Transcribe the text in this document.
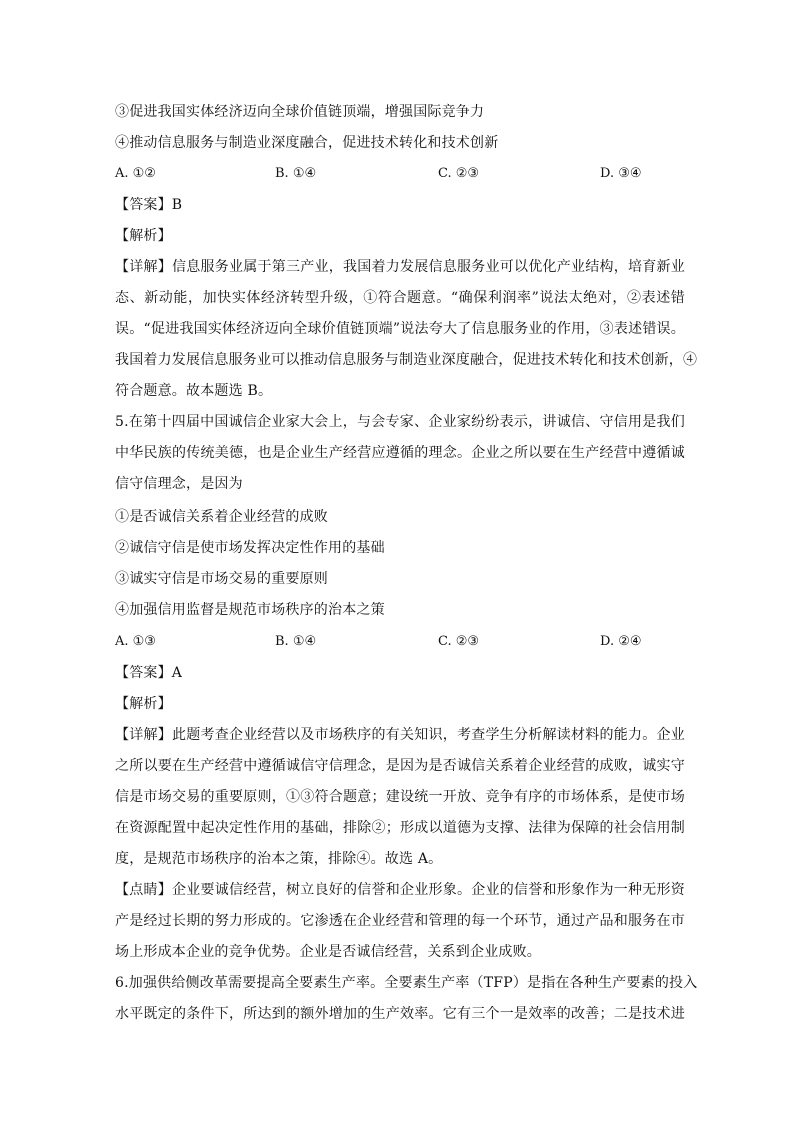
③促进我国实体经济迈向全球价值链顶端，增强国际竞争力
④推动信息服务与制造业深度融合，促进技术转化和技术创新
A. ①②	B. ①④	C. ②③	D. ③④
【答案】B
【解析】
【详解】信息服务业属于第三产业，我国着力发展信息服务业可以优化产业结构，培育新业
态、新动能，加快实体经济转型升级，①符合题意。“确保利润率”说法太绝对，②表述错
误。“促进我国实体经济迈向全球价值链顶端”说法夸大了信息服务业的作用，③表述错误。
我国着力发展信息服务业可以推动信息服务与制造业深度融合，促进技术转化和技术创新，④
符合题意。故本题选 B。
5.在第十四届中国诚信企业家大会上，与会专家、企业家纷纷表示，讲诚信、守信用是我们
中华民族的传统美德，也是企业生产经营应遵循的理念。企业之所以要在生产经营中遵循诚
信守信理念，是因为
①是否诚信关系着企业经营的成败
②诚信守信是使市场发挥决定性作用的基础
③诚实守信是市场交易的重要原则
④加强信用监督是规范市场秩序的治本之策
A. ①③	B. ①④	C. ②③	D. ②④
【答案】A
【解析】
【详解】此题考查企业经营以及市场秩序的有关知识，考查学生分析解读材料的能力。企业
之所以要在生产经营中遵循诚信守信理念，是因为是否诚信关系着企业经营的成败，诚实守
信是市场交易的重要原则，①③符合题意；建设统一开放、竞争有序的市场体系，是使市场
在资源配置中起决定性作用的基础，排除②；形成以道德为支撑、法律为保障的社会信用制
度，是规范市场秩序的治本之策，排除④。故选 A。
【点睛】企业要诚信经营，树立良好的信誉和企业形象。企业的信誉和形象作为一种无形资
产是经过长期的努力形成的。它渗透在企业经营和管理的每一个环节，通过产品和服务在市
场上形成本企业的竞争优势。企业是否诚信经营，关系到企业成败。
6.加强供给侧改革需要提高全要素生产率。全要素生产率（TFP）是指在各种生产要素的投入
水平既定的条件下，所达到的额外增加的生产效率。它有三个一是效率的改善；二是技术进
